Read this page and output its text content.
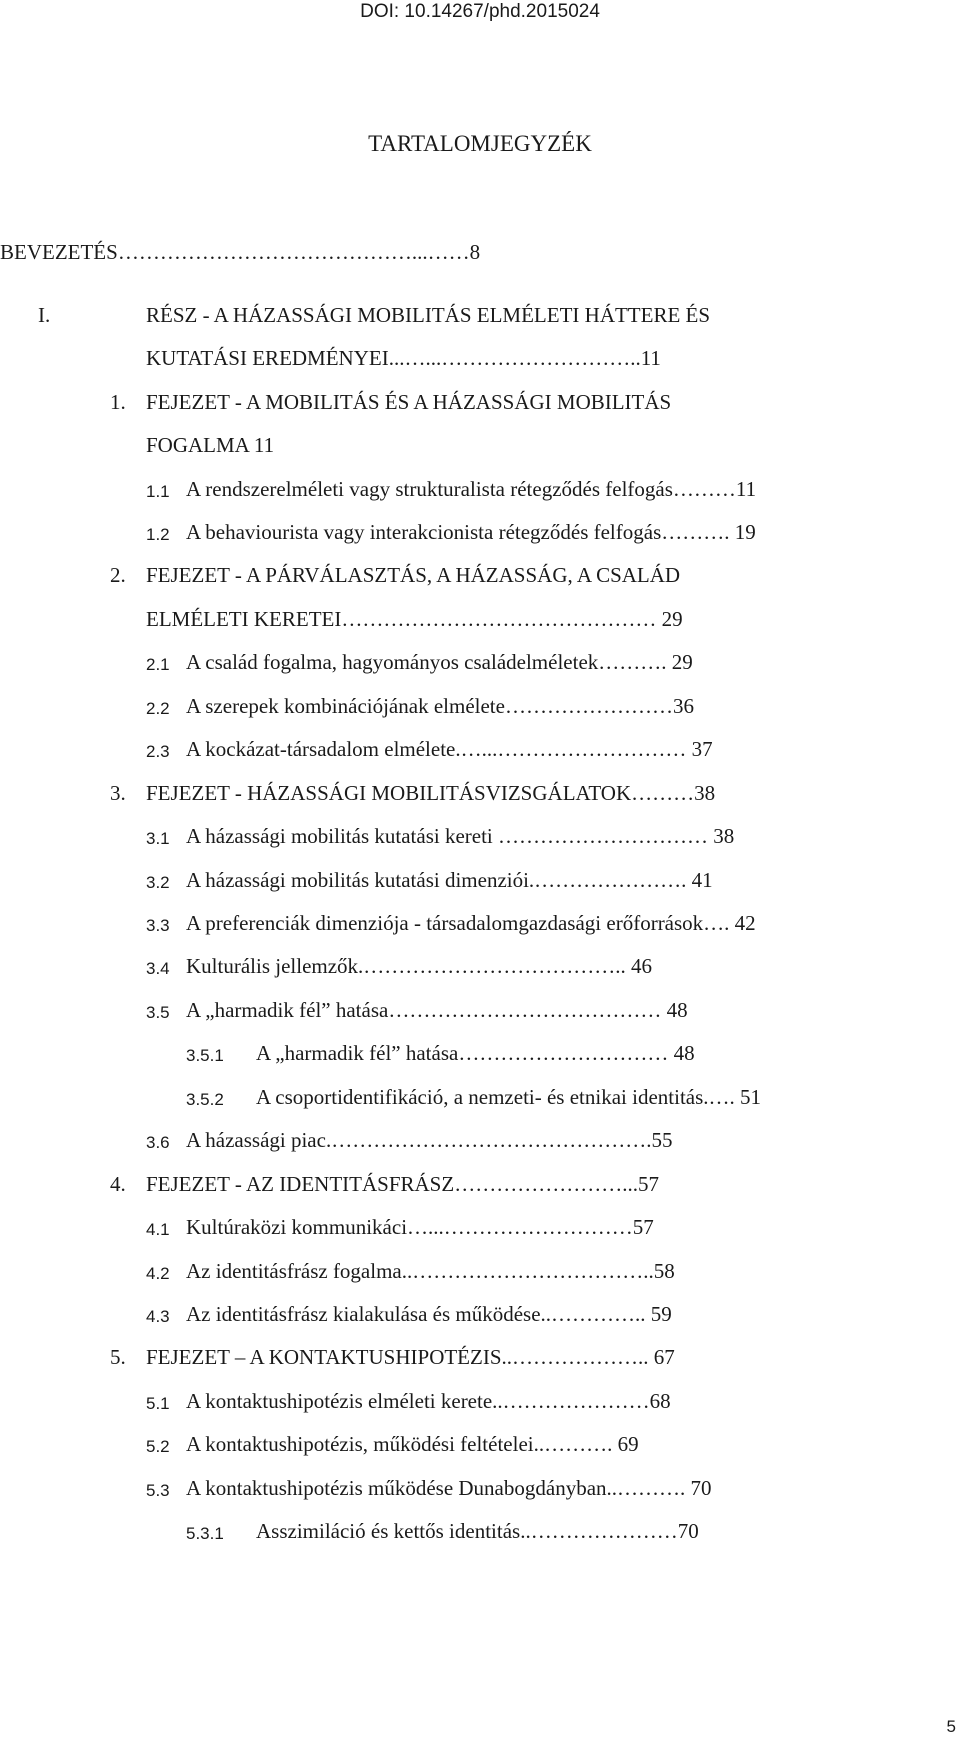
DOI: 10.14267/phd.2015024
TARTALOMJEGYZÉK
BEVEZETÉS……………………………………...……8
I.	RÉSZ - A HÁZASSÁGI MOBILITÁS ELMÉLETI HÁTTERE ÉS
KUTATÁSI EREDMÉNYEI...…...………………………..11
1. FEJEZET - A MOBILITÁS ÉS A HÁZASSÁGI MOBILITÁS
FOGALMA 11
1.1 A rendszerelméleti vagy strukturalista rétegződés felfogás………11
1.2 A behaviourista vagy interakcionista rétegződés felfogás………. 19
2. FEJEZET - A PÁRVÁLASZTÁS, A HÁZASSÁG, A CSALÁD
ELMÉLETI KERETEI……………………………………… 29
2.1 A család fogalma, hagyományos családelméletek………. 29
2.2 A szerepek kombinációjának elmélete……………………36
2.3 A kockázat-társadalom elmélete.…...……………………… 37
3. FEJEZET - HÁZASSÁGI MOBILITÁSVIZSGÁLATOK………38
3.1 A házassági mobilitás kutatási kereti ………………………… 38
3.2 A házassági mobilitás kutatási dimenziói.…………………. 41
3.3 A preferenciák dimenziója - társadalomgazdasági erőforrások…. 42
3.4 Kulturális jellemzők.……………………………….. 46
3.5 A „harmadik fél” hatása………………………………… 48
3.5.1 A „harmadik fél” hatása………………………… 48
3.5.2 A csoportidentifikáció, a nemzeti- és etnikai identitás.…. 51
3.6 A házassági piac.……………………………………….55
4. FEJEZET - AZ IDENTITÁSFRÁSZ……………………...57
4.1 Kultúraközi kommunikáci…...………………………57
4.2 Az identitásfrász fogalma..……………………………..58
4.3 Az identitásfrász kialakulása és működése..………….. 59
5. FEJEZET – A KONTAKTUSHIPOTÉZIS..……………….. 67
5.1 A kontaktushipotézis elméleti kerete..…………………68
5.2 A kontaktushipotézis, működési feltételei..………. 69
5.3 A kontaktushipotézis működése Dunabogdányban..………. 70
5.3.1 Asszimiláció és kettős identitás..…………………70
5
